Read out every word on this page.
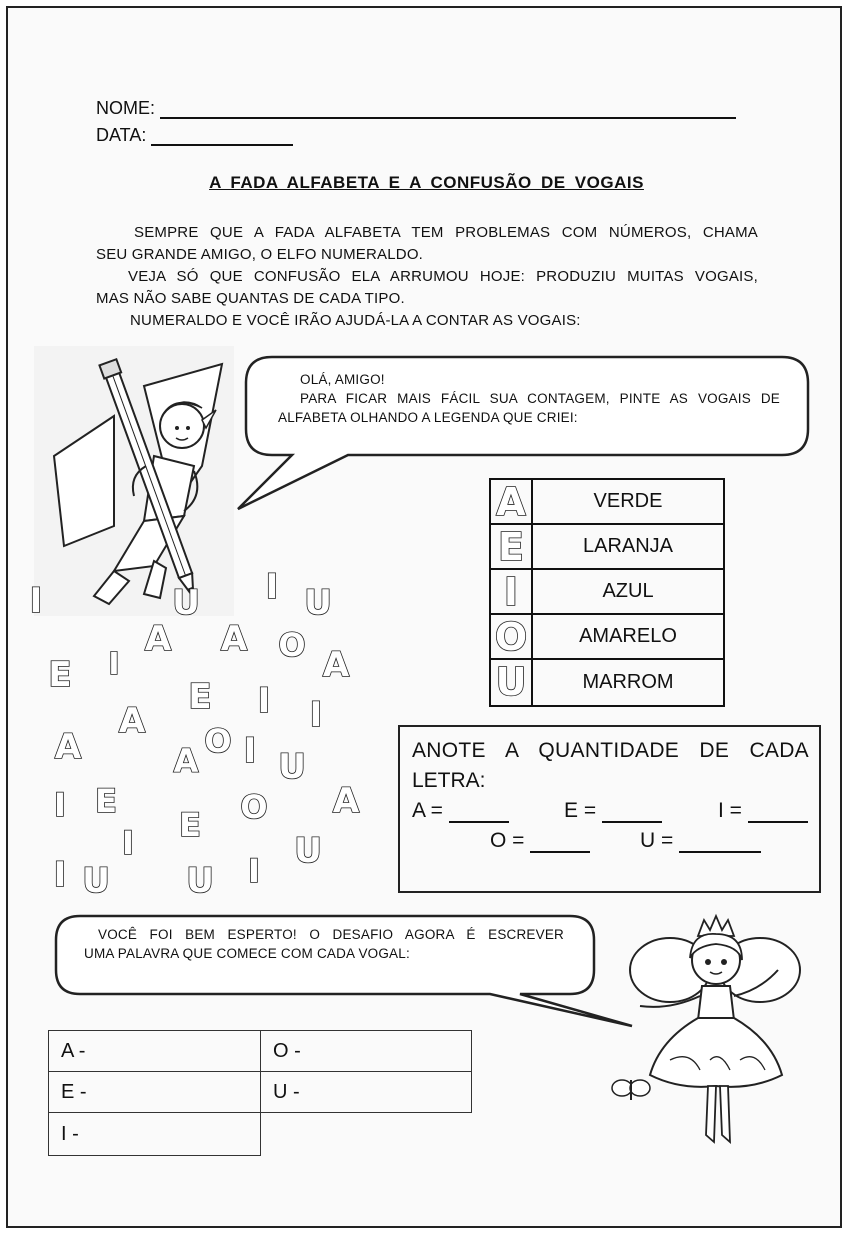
NOME:
DATA:
A FADA ALFABETA E A CONFUSÃO DE VOGAIS
SEMPRE QUE A FADA ALFABETA TEM PROBLEMAS COM NÚMEROS, CHAMA
SEU GRANDE AMIGO, O ELFO NUMERALDO.
VEJA SÓ QUE CONFUSÃO ELA ARRUMOU HOJE: PRODUZIU MUITAS VOGAIS,
MAS NÃO SABE QUANTAS DE CADA TIPO.
NUMERALDO E VOCÊ IRÃO AJUDÁ-LA A CONTAR AS VOGAIS:
OLÁ, AMIGO!
PARA FICAR MAIS FÁCIL SUA CONTAGEM, PINTE AS VOGAIS DE
ALFABETA OLHANDO A LEGENDA QUE CRIEI:
A	VERDE
E	LARANJA
I	AZUL
O	AMARELO
U	MARROM
I	U I U
A A O A
E I
E I I
A
A	O I
A U
I E	O A
E
I	U
I U	I
U
ANOTE A QUANTIDADE DE CADA
LETRA:
A =	E =	I =
O =	U =
VOCÊ FOI BEM ESPERTO! O DESAFIO AGORA É ESCREVER
UMA PALAVRA QUE COMECE COM CADA VOGAL:
A -	O -
E -	U -
I -
